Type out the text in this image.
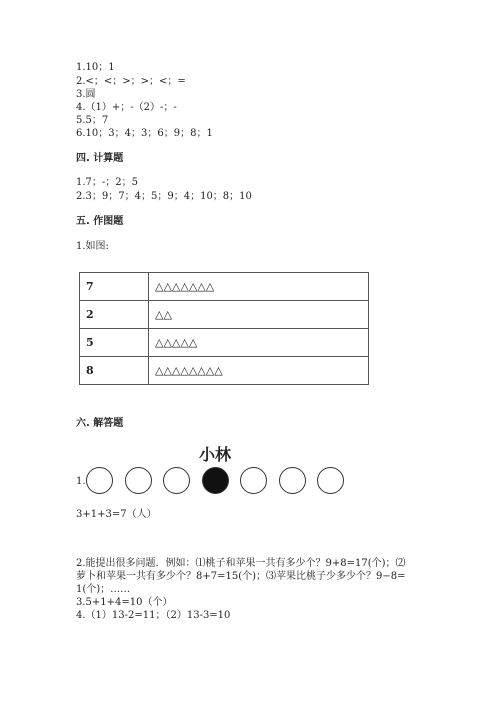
1.10；1
2.<；<；>；>；<；=
3.圆
4.（1）+；-（2）-；-
5.5；7
6.10；3；4；3；6；9；8；1
四. 计算题
1.7；-；2；5
2.3；9；7；4；5；9；4；10；8；10
五. 作图题
1.如图:
7	△△△△△△△
2	△△
5	△△△△△
8	△△△△△△△△
六. 解答题
小林
1.
3+1+3=7（人）
2.能提出很多问题．例如：⑴桃子和苹果一共有多少个？9+8=17(个)；⑵
萝卜和苹果一共有多少个？8+7=15(个)；⑶苹果比桃子少多少个？9−8=
1(个)；……
3.5+1+4=10（个）
4.（1）13-2=11；（2）13-3=10
